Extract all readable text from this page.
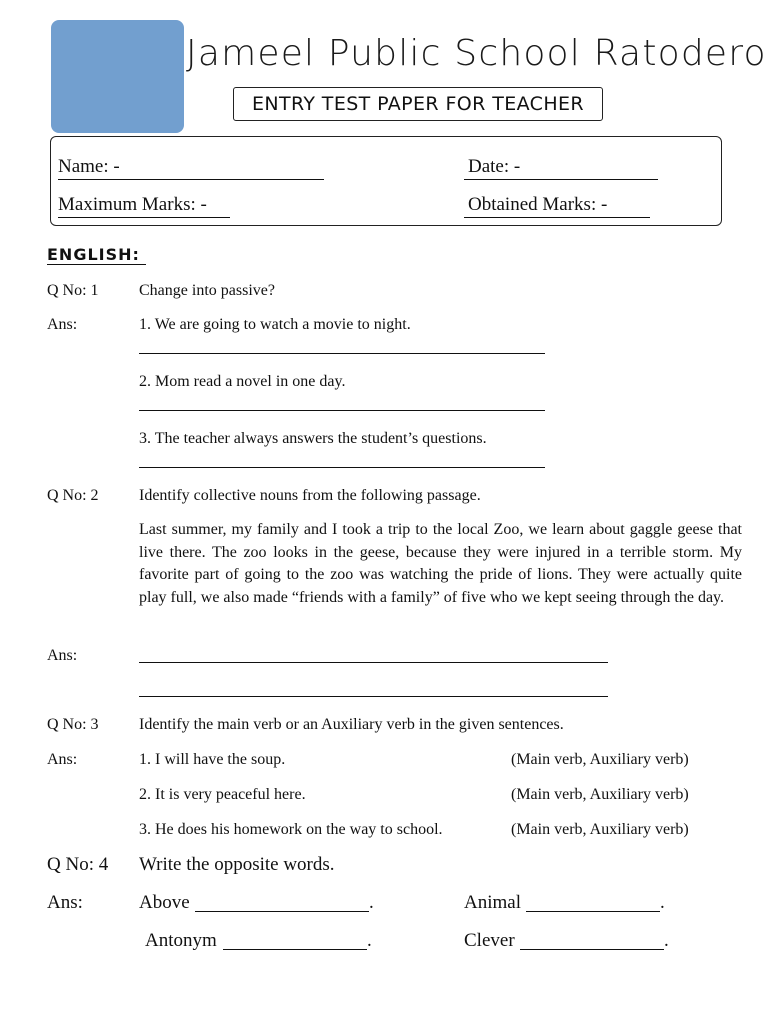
Jameel Public School Ratodero
ENTRY TEST PAPER FOR TEACHER
Name: -	Date: -
Maximum Marks: -	Obtained Marks: -
ENGLISH:
Q No: 1	Change into passive?
Ans:	1. We are going to watch a movie to night.
2. Mom read a novel in one day.
3. The teacher always answers the student’s questions.
Q No: 2	Identify collective nouns from the following passage.
Last summer, my family and I took a trip to the local Zoo, we learn about gaggle geese that live there. The zoo looks in the geese, because they were injured in a terrible storm. My favorite part of going to the zoo was watching the pride of lions. They were actually quite play full, we also made “friends with a family” of five who we kept seeing through the day.
Ans:
Q No: 3	Identify the main verb or an Auxiliary verb in the given sentences.
Ans:	1. I will have the soup.	(Main verb, Auxiliary verb)
2. It is very peaceful here.	(Main verb, Auxiliary verb)
3. He does his homework on the way to school.	(Main verb, Auxiliary verb)
Q No: 4 Write the opposite words.
Ans:	Above	.	Animal	.
Antonym	.	Clever	.
